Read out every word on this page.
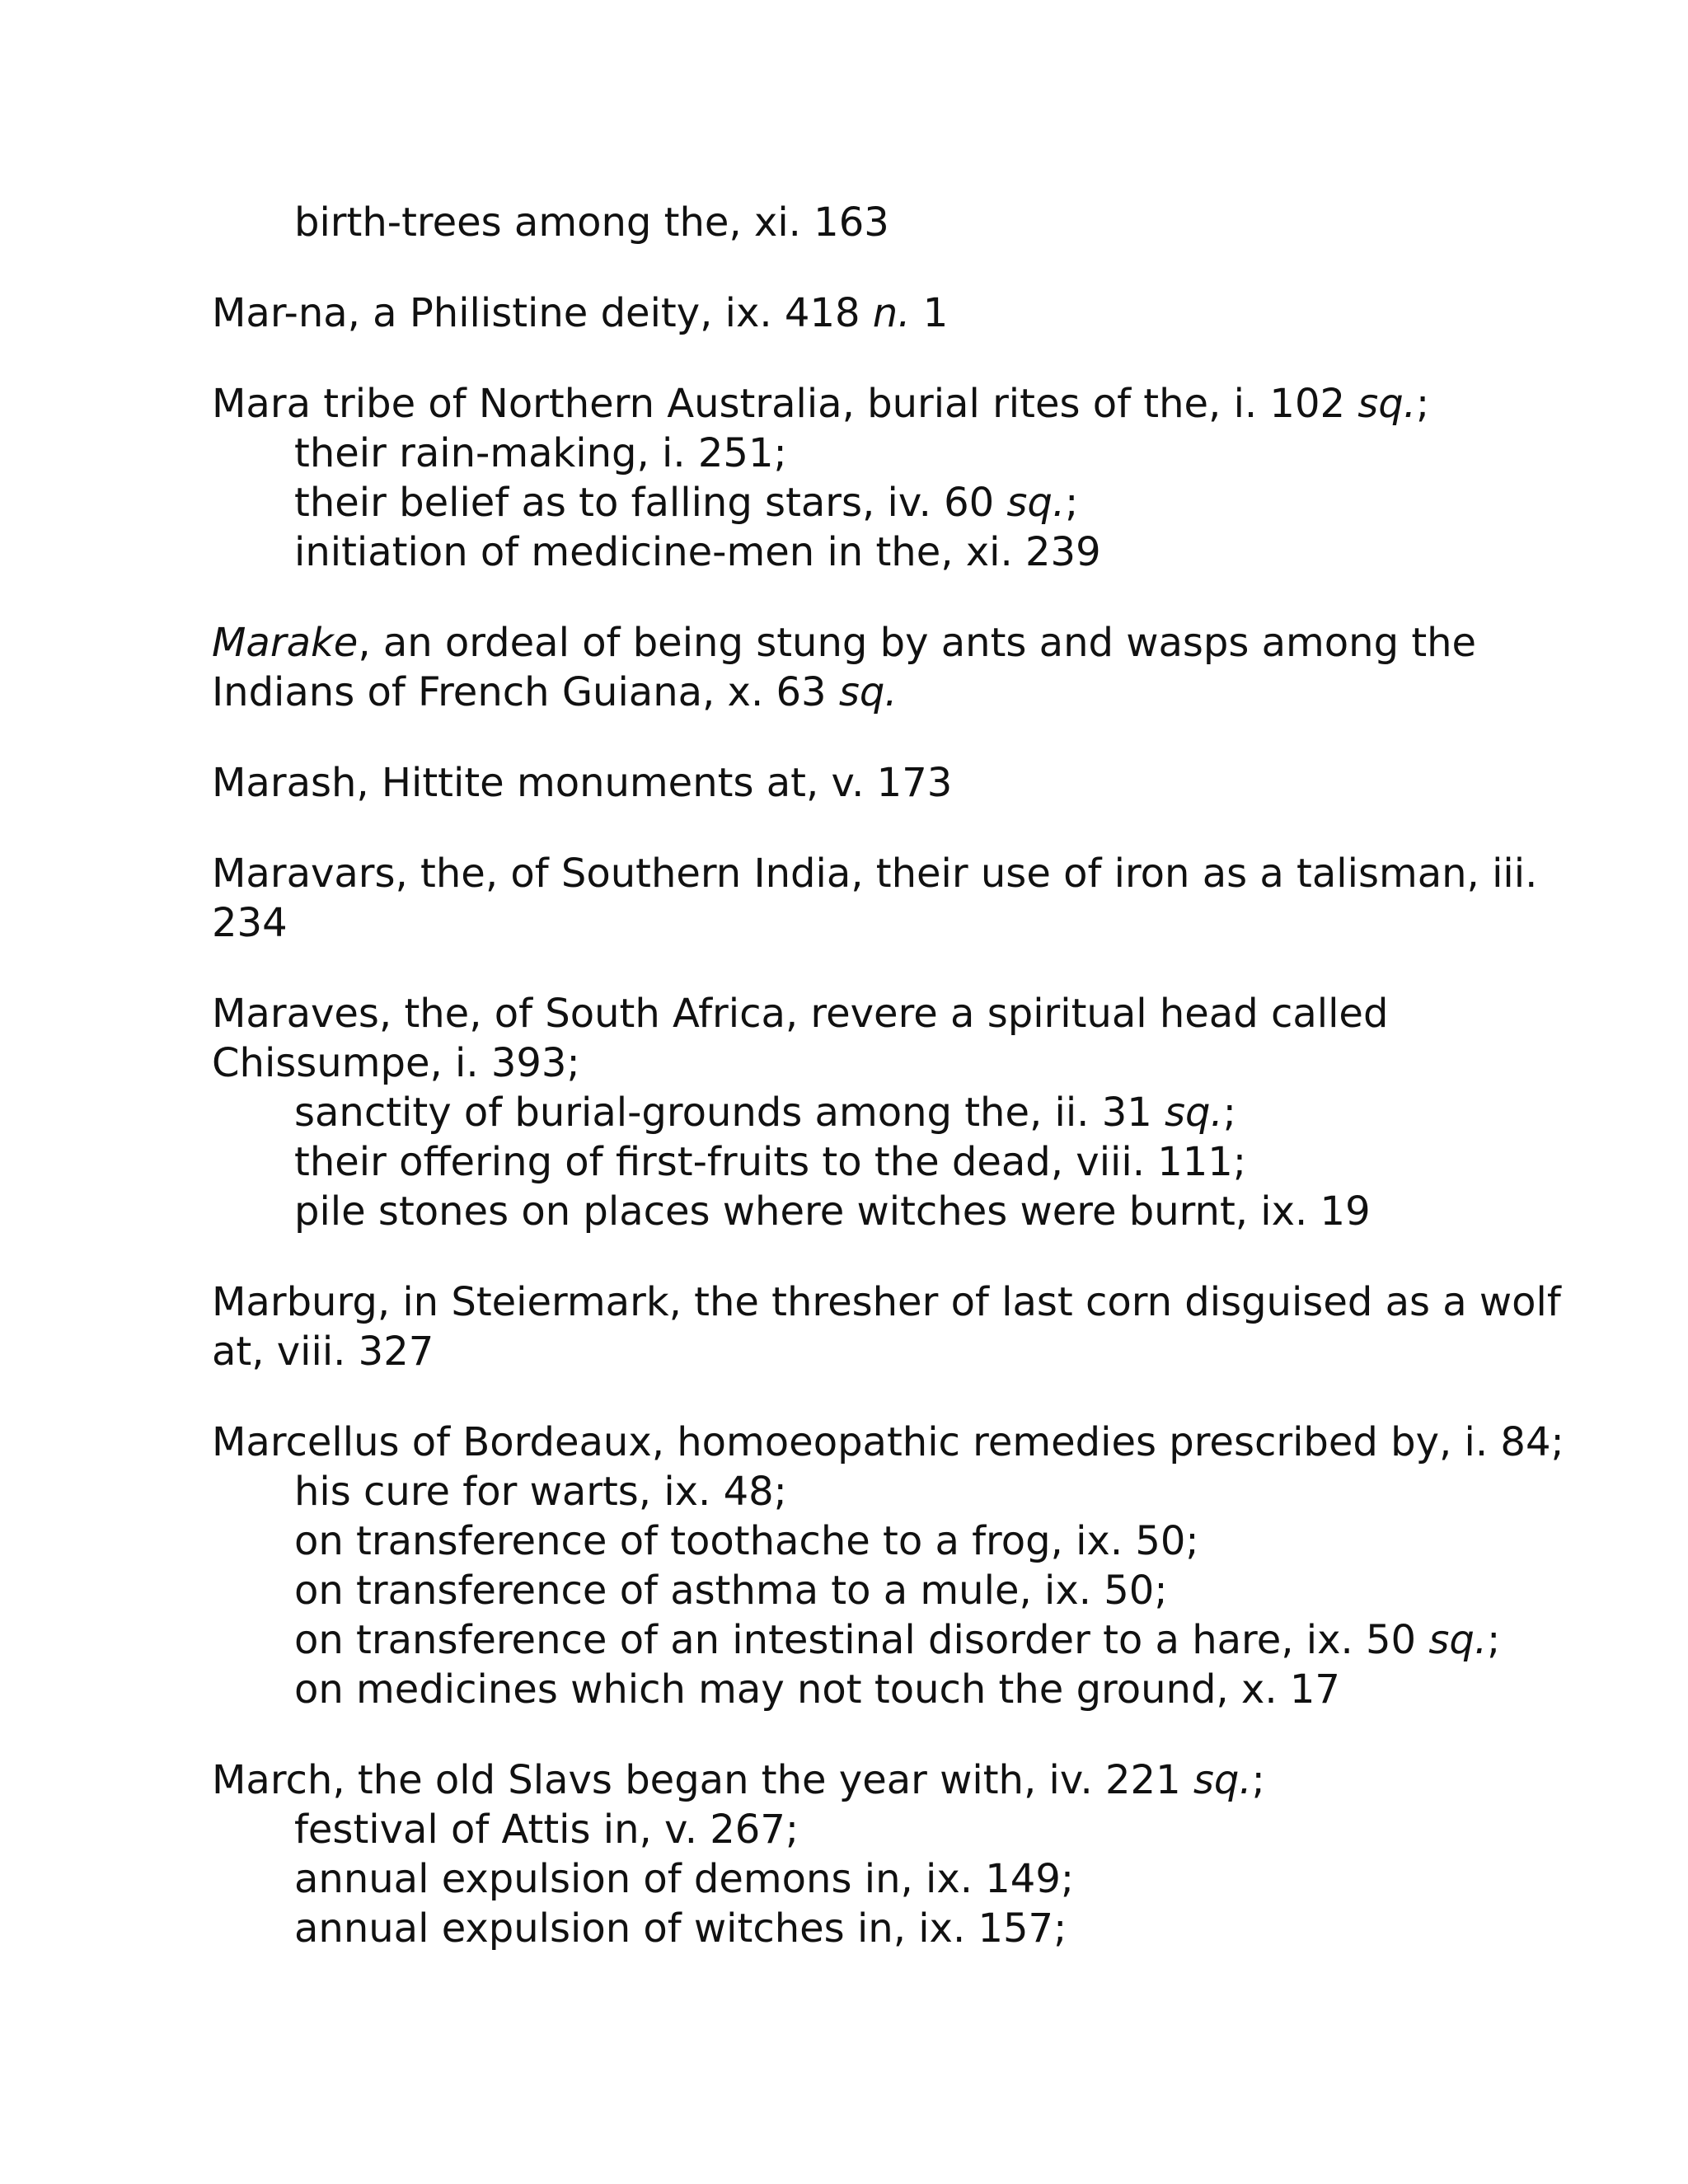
birth-trees among the, xi. 163
Mar-na, a Philistine deity, ix. 418 n. 1
Mara tribe of Northern Australia, burial rites of the, i. 102 sq.;
their rain-making, i. 251;
their belief as to falling stars, iv. 60 sq.;
initiation of medicine-men in the, xi. 239
Marake, an ordeal of being stung by ants and wasps among the
Indians of French Guiana, x. 63 sq.
Marash, Hittite monuments at, v. 173
Maravars, the, of Southern India, their use of iron as a talisman, iii.
234
Maraves, the, of South Africa, revere a spiritual head called
Chissumpe, i. 393;
sanctity of burial-grounds among the, ii. 31 sq.;
their offering of first-fruits to the dead, viii. 111;
pile stones on places where witches were burnt, ix. 19
Marburg, in Steiermark, the thresher of last corn disguised as a wolf
at, viii. 327
Marcellus of Bordeaux, homoeopathic remedies prescribed by, i. 84;
his cure for warts, ix. 48;
on transference of toothache to a frog, ix. 50;
on transference of asthma to a mule, ix. 50;
on transference of an intestinal disorder to a hare, ix. 50 sq.;
on medicines which may not touch the ground, x. 17
March, the old Slavs began the year with, iv. 221 sq.;
festival of Attis in, v. 267;
annual expulsion of demons in, ix. 149;
annual expulsion of witches in, ix. 157;
